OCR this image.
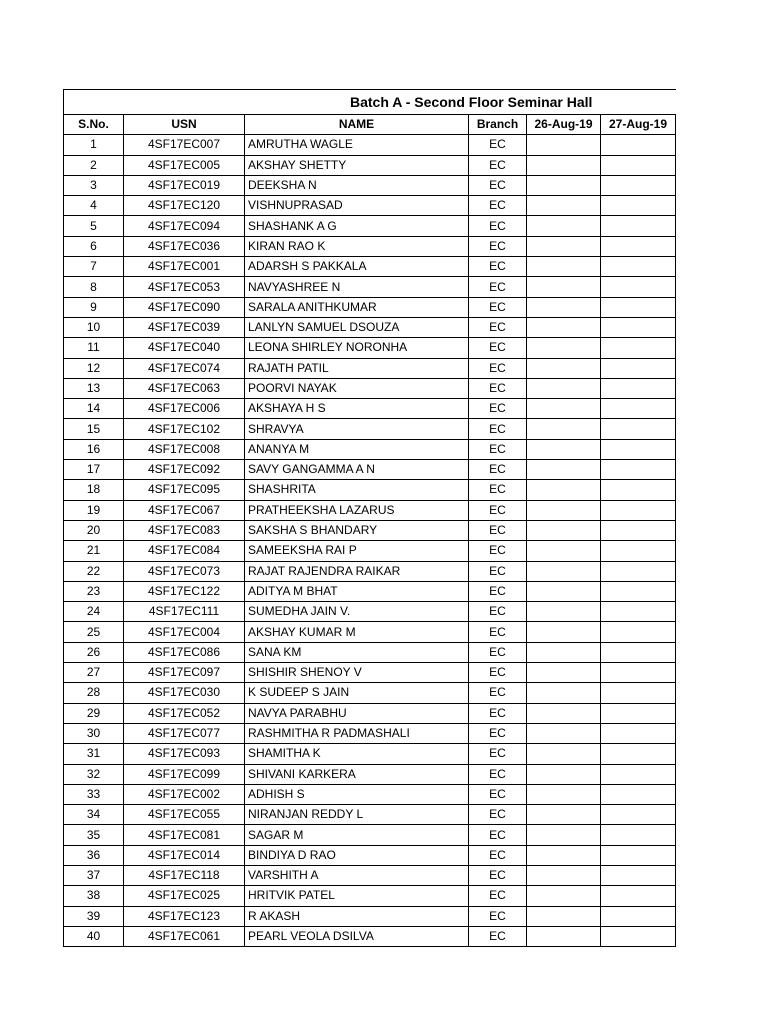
Batch A - Second Floor Seminar Hall					
S.No.	USN	NAME	Branch	26-Aug-19	27-Aug-19
1	4SF17EC007	AMRUTHA WAGLE	EC		
2	4SF17EC005	AKSHAY SHETTY	EC		
3	4SF17EC019	DEEKSHA N	EC		
4	4SF17EC120	VISHNUPRASAD	EC		
5	4SF17EC094	SHASHANK A G	EC		
6	4SF17EC036	KIRAN RAO K	EC		
7	4SF17EC001	ADARSH S PAKKALA	EC		
8	4SF17EC053	NAVYASHREE N	EC		
9	4SF17EC090	SARALA ANITHKUMAR	EC		
10	4SF17EC039	LANLYN SAMUEL DSOUZA	EC		
11	4SF17EC040	LEONA SHIRLEY NORONHA	EC		
12	4SF17EC074	RAJATH PATIL	EC		
13	4SF17EC063	POORVI NAYAK	EC		
14	4SF17EC006	AKSHAYA H S	EC		
15	4SF17EC102	SHRAVYA	EC		
16	4SF17EC008	ANANYA M	EC		
17	4SF17EC092	SAVY GANGAMMA A N	EC		
18	4SF17EC095	SHASHRITA	EC		
19	4SF17EC067	PRATHEEKSHA LAZARUS	EC		
20	4SF17EC083	SAKSHA S BHANDARY	EC		
21	4SF17EC084	SAMEEKSHA RAI P	EC		
22	4SF17EC073	RAJAT RAJENDRA RAIKAR	EC		
23	4SF17EC122	ADITYA M BHAT	EC		
24	4SF17EC111	SUMEDHA JAIN V.	EC		
25	4SF17EC004	AKSHAY KUMAR M	EC		
26	4SF17EC086	SANA KM	EC		
27	4SF17EC097	SHISHIR SHENOY V	EC		
28	4SF17EC030	K SUDEEP S JAIN	EC		
29	4SF17EC052	NAVYA PARABHU	EC		
30	4SF17EC077	RASHMITHA R PADMASHALI	EC		
31	4SF17EC093	SHAMITHA K	EC		
32	4SF17EC099	SHIVANI KARKERA	EC		
33	4SF17EC002	ADHISH S	EC		
34	4SF17EC055	NIRANJAN REDDY L	EC		
35	4SF17EC081	SAGAR M	EC		
36	4SF17EC014	BINDIYA D RAO	EC		
37	4SF17EC118	VARSHITH A	EC		
38	4SF17EC025	HRITVIK PATEL	EC		
39	4SF17EC123	R AKASH	EC		
40	4SF17EC061	PEARL VEOLA DSILVA	EC		
